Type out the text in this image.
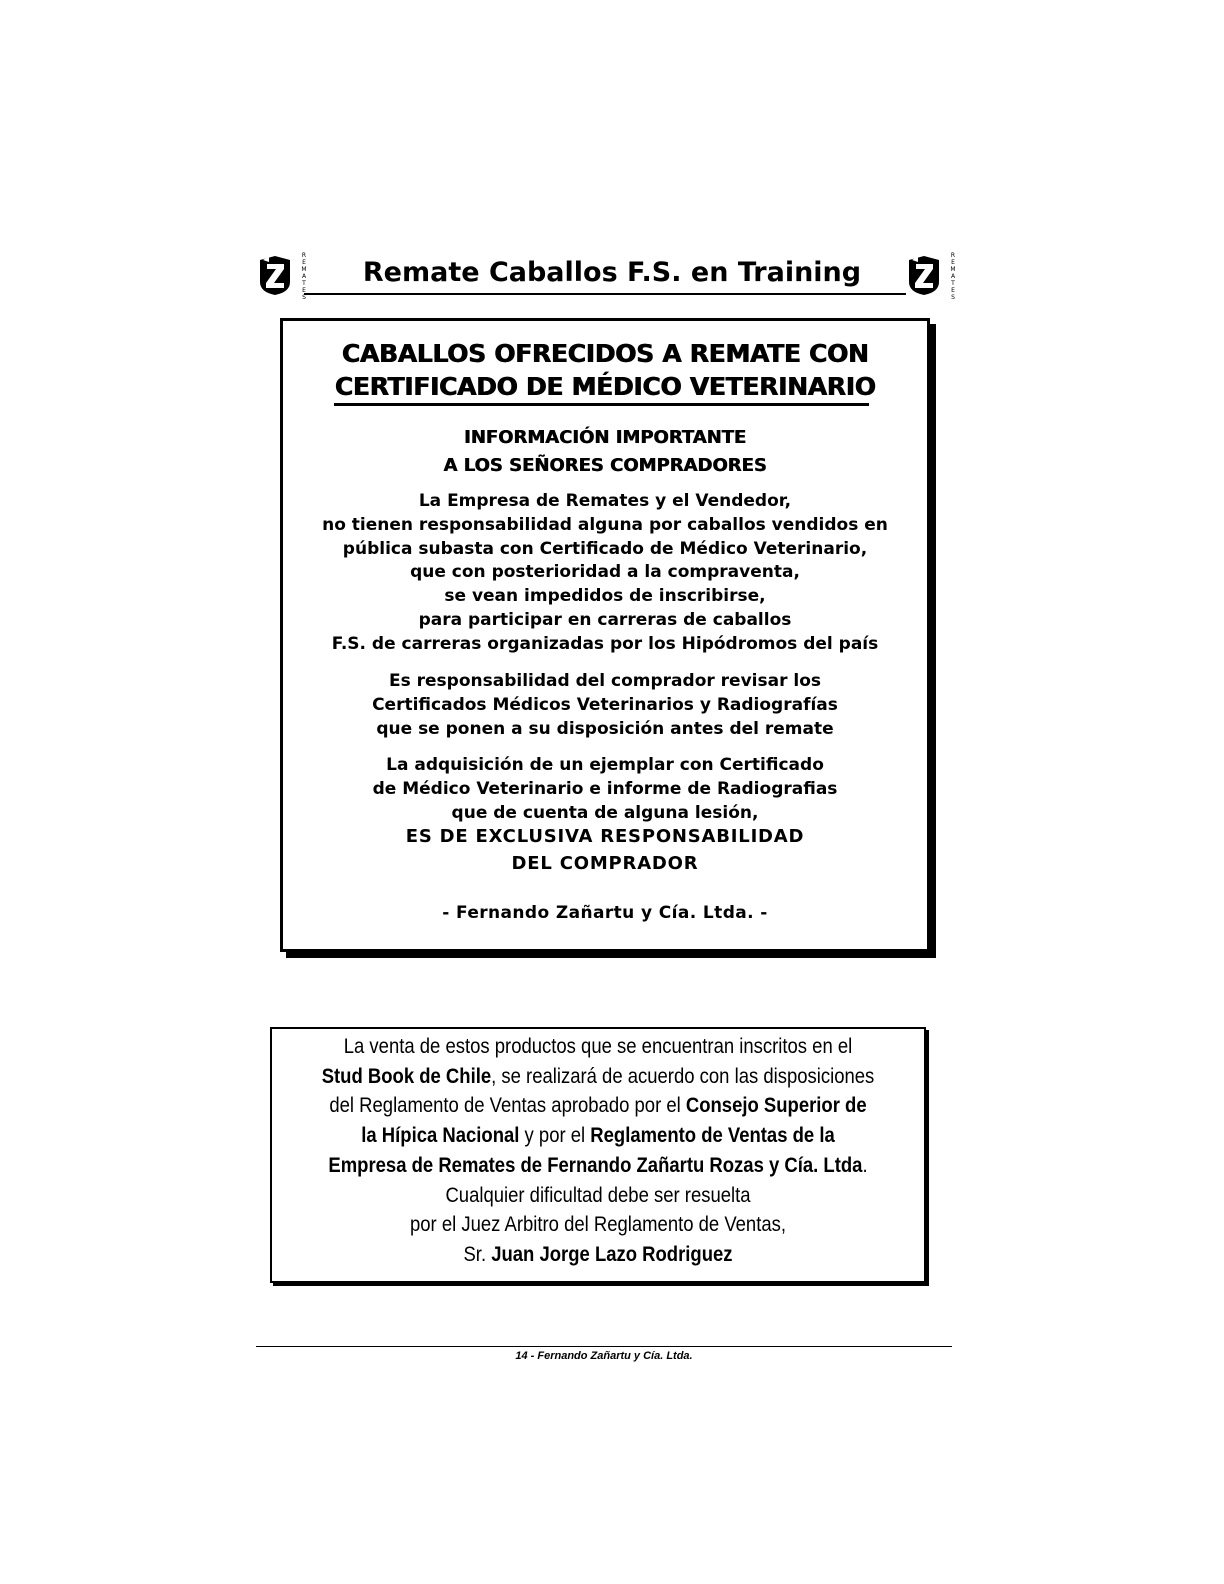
R
E
M
A
T
E
S
Remate Caballos F.S. en Training
R
E
M
A
T
E
S
CABALLOS OFRECIDOS A REMATE CON
CERTIFICADO DE MÉDICO VETERINARIO
INFORMACIÓN IMPORTANTE
A LOS SEÑORES COMPRADORES
La Empresa de Remates y el Vendedor,
no tienen responsabilidad alguna por caballos vendidos en
pública subasta con Certificado de Médico Veterinario,
que con posterioridad a la compraventa,
se vean impedidos de inscribirse,
para participar en carreras de caballos
F.S. de carreras organizadas por los Hipódromos del país
Es responsabilidad del comprador revisar los
Certificados Médicos Veterinarios y Radiografías
que se ponen a su disposición antes del remate
La adquisición de un ejemplar con Certificado
de Médico Veterinario e informe de Radiografias
que de cuenta de alguna lesión,
ES DE EXCLUSIVA RESPONSABILIDAD
DEL COMPRADOR
- Fernando Zañartu y Cía. Ltda. -
La venta de estos productos que se encuentran inscritos en el
Stud Book de Chile, se realizará de acuerdo con las disposiciones
del Reglamento de Ventas aprobado por el Consejo Superior de
la Hípica Nacional y por el Reglamento de Ventas de la
Empresa de Remates de Fernando Zañartu Rozas y Cía. Ltda.
Cualquier dificultad debe ser resuelta
por el Juez Arbitro del Reglamento de Ventas,
Sr. Juan Jorge Lazo Rodriguez
14 - Fernando Zañartu y Cía. Ltda.
